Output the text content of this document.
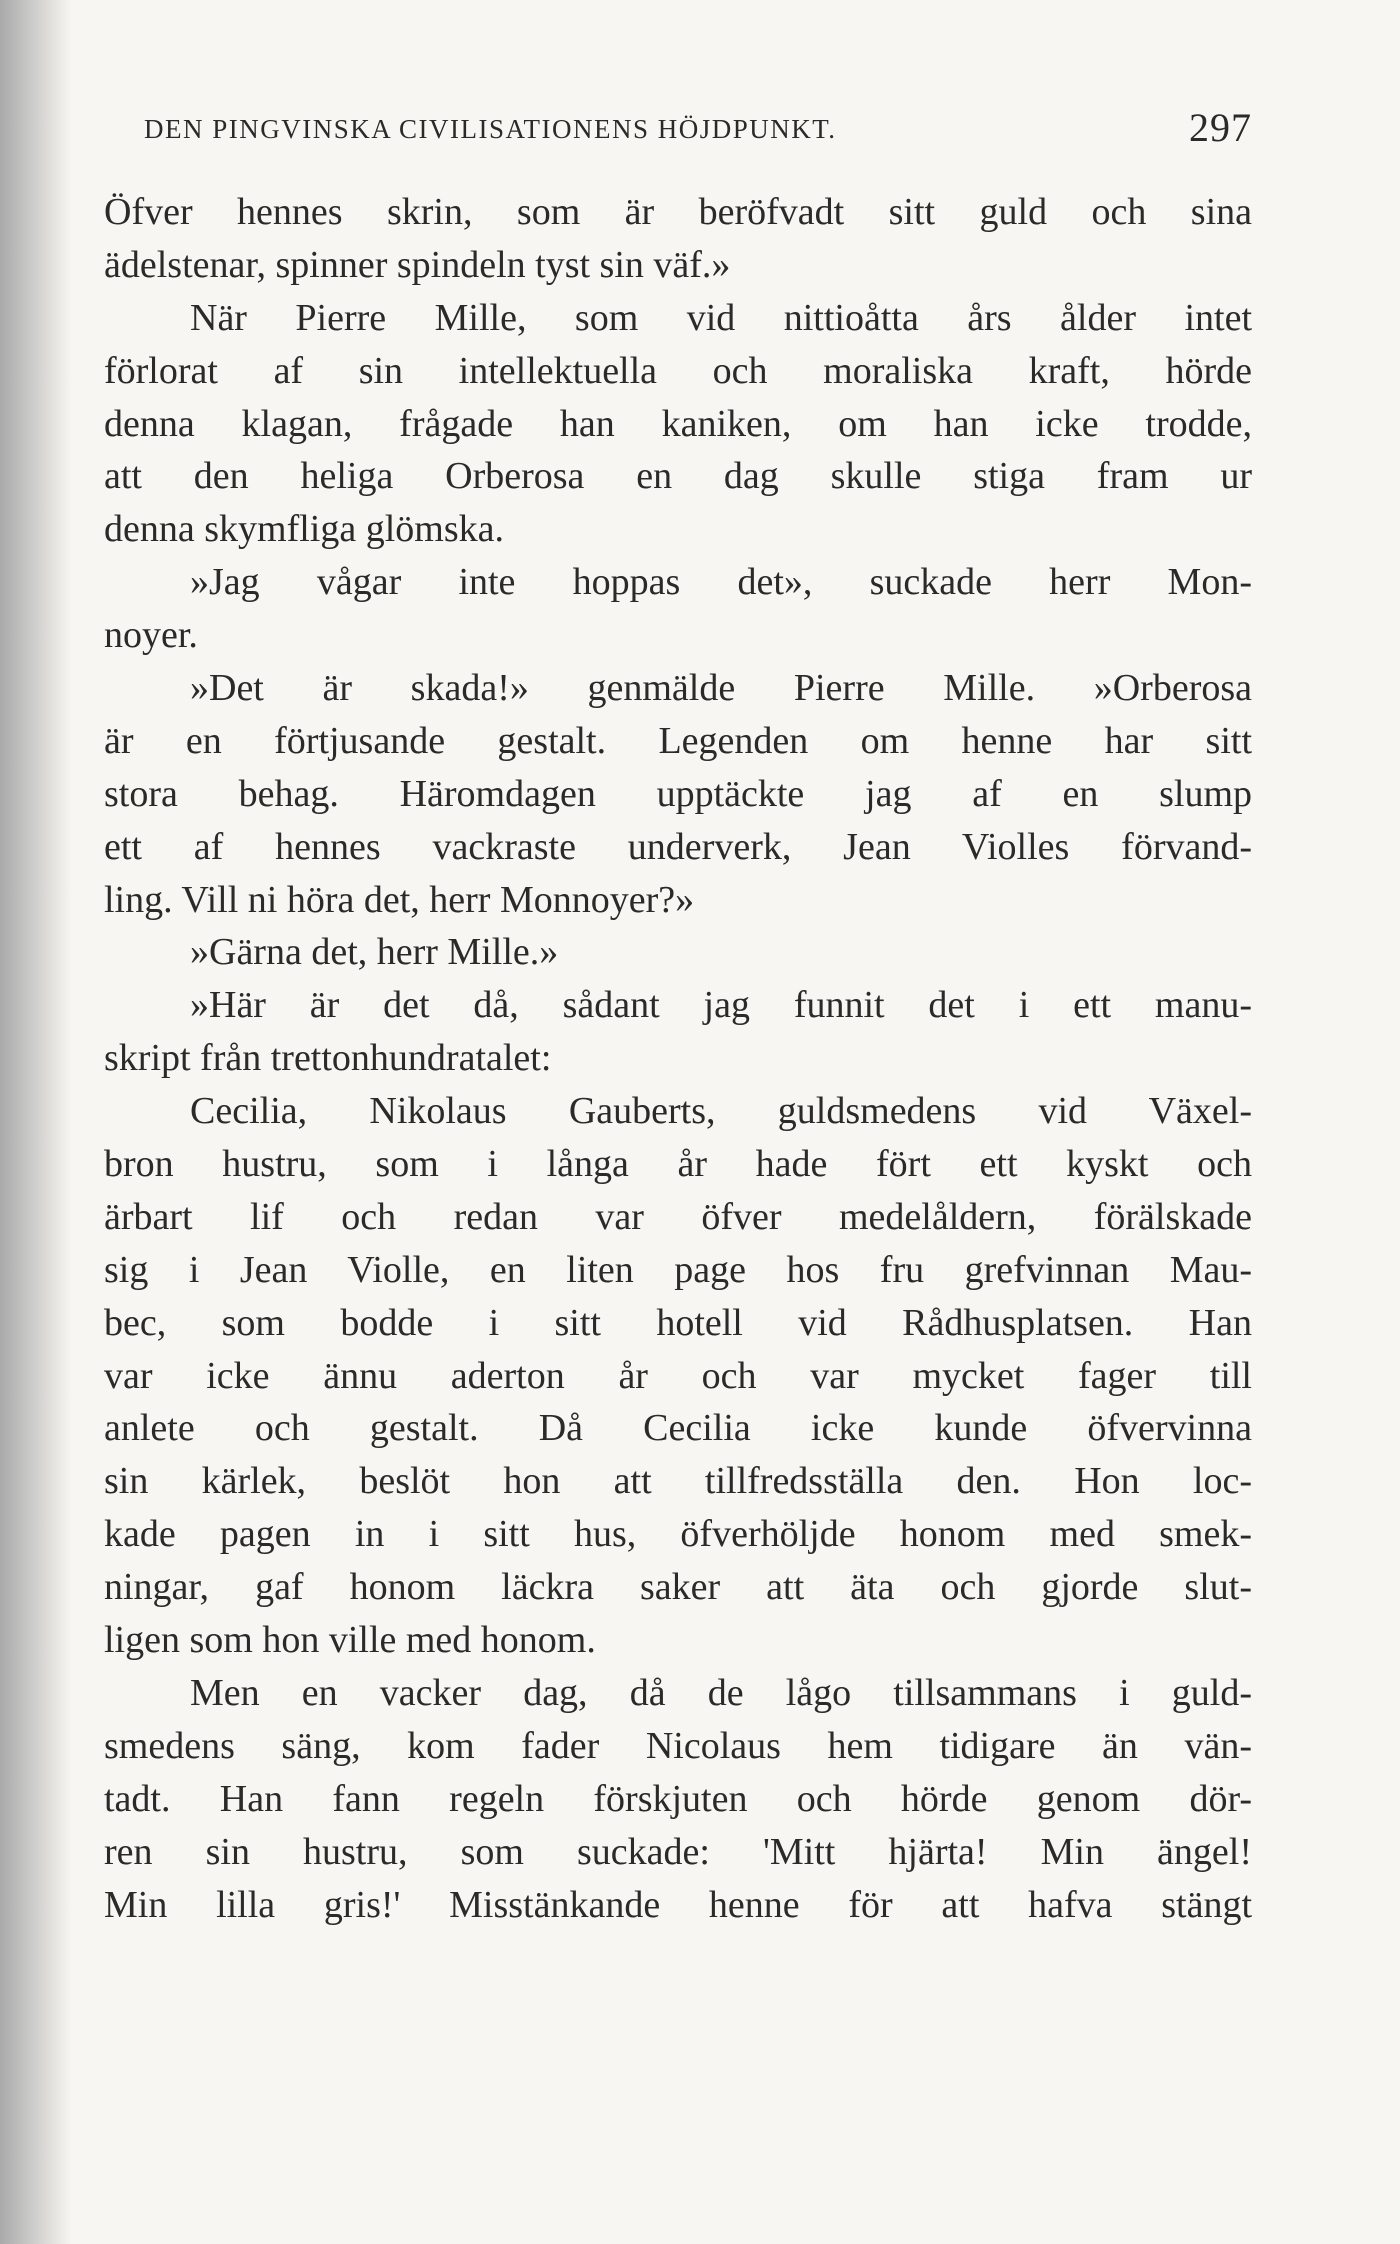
DEN PINGVINSKA CIVILISATIONENS HÖJDPUNKT.	297
Öfver hennes skrin, som är beröfvadt sitt guld och sina
ädelstenar, spinner spindeln tyst sin väf.»
När Pierre Mille, som vid nittioåtta års ålder intet
förlorat af sin intellektuella och moraliska kraft, hörde
denna klagan, frågade han kaniken, om han icke trodde,
att den heliga Orberosa en dag skulle stiga fram ur
denna skymfliga glömska.
»Jag vågar inte hoppas det», suckade herr Mon-
noyer.
»Det är skada!» genmälde Pierre Mille. »Orberosa
är en förtjusande gestalt. Legenden om henne har sitt
stora behag. Häromdagen upptäckte jag af en slump
ett af hennes vackraste underverk, Jean Violles förvand-
ling. Vill ni höra det, herr Monnoyer?»
»Gärna det, herr Mille.»
»Här är det då, sådant jag funnit det i ett manu-
skript från trettonhundratalet:
Cecilia, Nikolaus Gauberts, guldsmedens vid Växel-
bron hustru, som i långa år hade fört ett kyskt och
ärbart lif och redan var öfver medelåldern, förälskade
sig i Jean Violle, en liten page hos fru grefvinnan Mau-
bec, som bodde i sitt hotell vid Rådhusplatsen. Han
var icke ännu aderton år och var mycket fager till
anlete och gestalt. Då Cecilia icke kunde öfvervinna
sin kärlek, beslöt hon att tillfredsställa den. Hon loc-
kade pagen in i sitt hus, öfverhöljde honom med smek-
ningar, gaf honom läckra saker att äta och gjorde slut-
ligen som hon ville med honom.
Men en vacker dag, då de lågo tillsammans i guld-
smedens säng, kom fader Nicolaus hem tidigare än vän-
tadt. Han fann regeln förskjuten och hörde genom dör-
ren sin hustru, som suckade: 'Mitt hjärta! Min ängel!
Min lilla gris!' Misstänkande henne för att hafva stängt
